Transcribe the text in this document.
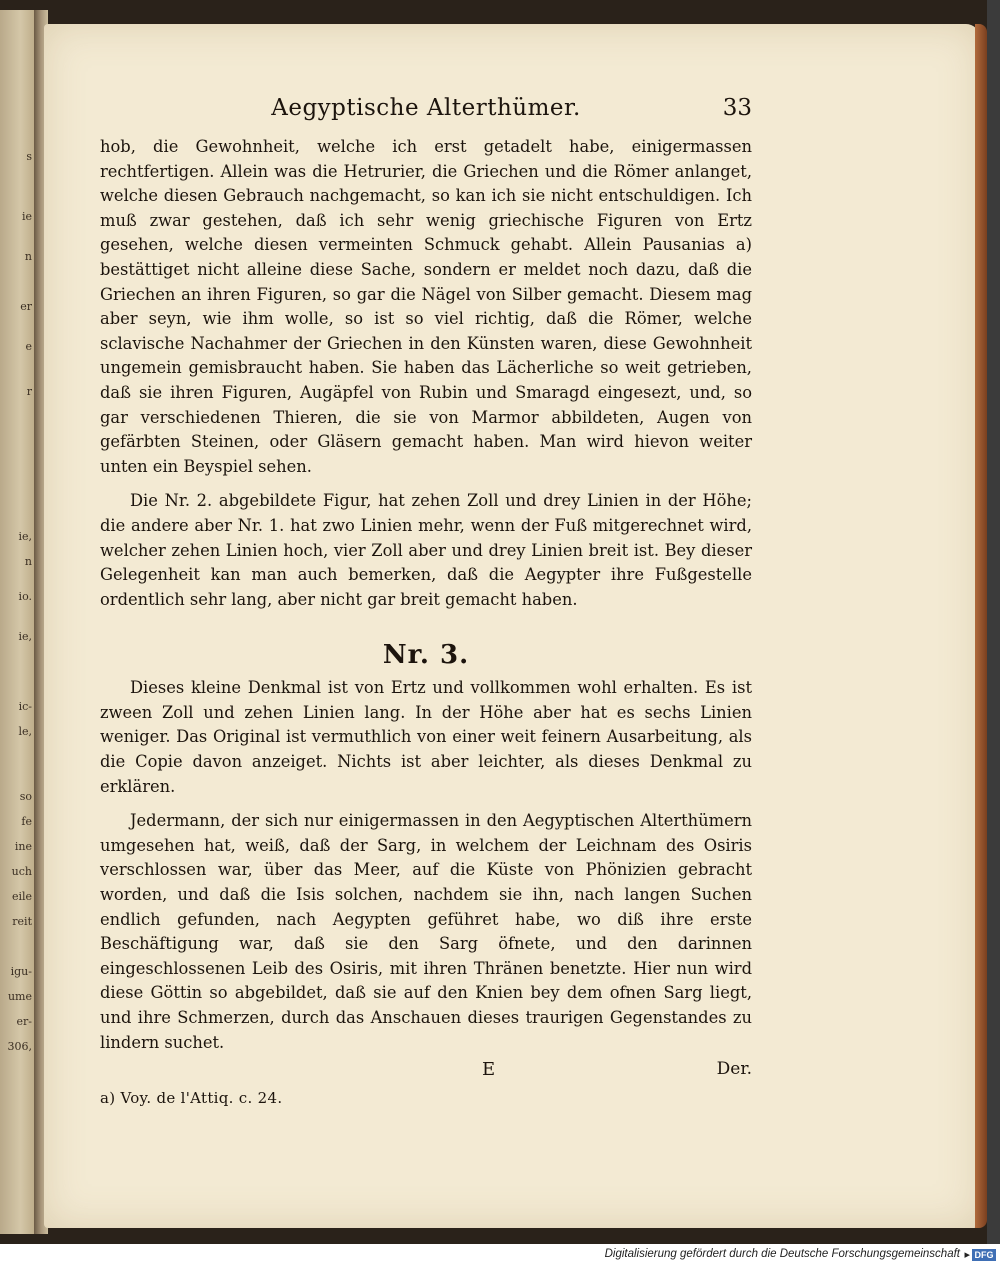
s
ie
n
er
e
r
ie,
n
io.
ie,
ic-
le,
so
fe
ine
uch
eile
reit
igu-
ume
er-
306,
Aegyptische Alterthümer.	33

hob, die Gewohnheit, welche ich erst getadelt habe, einigermassen rechtfertigen. Allein was die Hetrurier, die Griechen und die Römer anlanget, welche diesen Gebrauch nachgemacht, so kan ich sie nicht entschuldigen. Ich muß zwar gestehen, daß ich sehr wenig griechische Figuren von Ertz gesehen, welche diesen vermeinten Schmuck gehabt. Allein Pausanias a) bestättiget nicht alleine diese Sache, sondern er meldet noch dazu, daß die Griechen an ihren Figuren, so gar die Nägel von Silber gemacht. Diesem mag aber seyn, wie ihm wolle, so ist so viel richtig, daß die Römer, welche sclavische Nachahmer der Griechen in den Künsten waren, diese Gewohnheit ungemein gemisbraucht haben. Sie haben das Lächerliche so weit getrieben, daß sie ihren Figuren, Augäpfel von Rubin und Smaragd eingesezt, und, so gar verschiedenen Thieren, die sie von Marmor abbildeten, Augen von gefärbten Steinen, oder Gläsern gemacht haben. Man wird hievon weiter unten ein Beyspiel sehen.

Die Nr. 2. abgebildete Figur, hat zehen Zoll und drey Linien in der Höhe; die andere aber Nr. 1. hat zwo Linien mehr, wenn der Fuß mitgerechnet wird, welcher zehen Linien hoch, vier Zoll aber und drey Linien breit ist. Bey dieser Gelegenheit kan man auch bemerken, daß die Aegypter ihre Fußgestelle ordentlich sehr lang, aber nicht gar breit gemacht haben.

Nr. 3.

Dieses kleine Denkmal ist von Ertz und vollkommen wohl erhalten. Es ist zween Zoll und zehen Linien lang. In der Höhe aber hat es sechs Linien weniger. Das Original ist vermuthlich von einer weit feinern Ausarbeitung, als die Copie davon anzeiget. Nichts ist aber leichter, als dieses Denkmal zu erklären.

Jedermann, der sich nur einigermassen in den Aegyptischen Alterthümern umgesehen hat, weiß, daß der Sarg, in welchem der Leichnam des Osiris verschlossen war, über das Meer, auf die Küste von Phönizien gebracht worden, und daß die Isis solchen, nachdem sie ihn, nach langen Suchen endlich gefunden, nach Aegypten geführet habe, wo diß ihre erste Beschäftigung war, daß sie den Sarg öfnete, und den darinnen eingeschlossenen Leib des Osiris, mit ihren Thränen benetzte. Hier nun wird diese Göttin so abgebildet, daß sie auf den Knien bey dem ofnen Sarg liegt, und ihre Schmerzen, durch das Anschauen dieses traurigen Gegenstandes zu lindern suchet.

E	Der.
a) Voy. de l'Attiq. c. 24.
Digitalisierung gefördert durch die Deutsche Forschungsgemeinschaft ▸ DFG
